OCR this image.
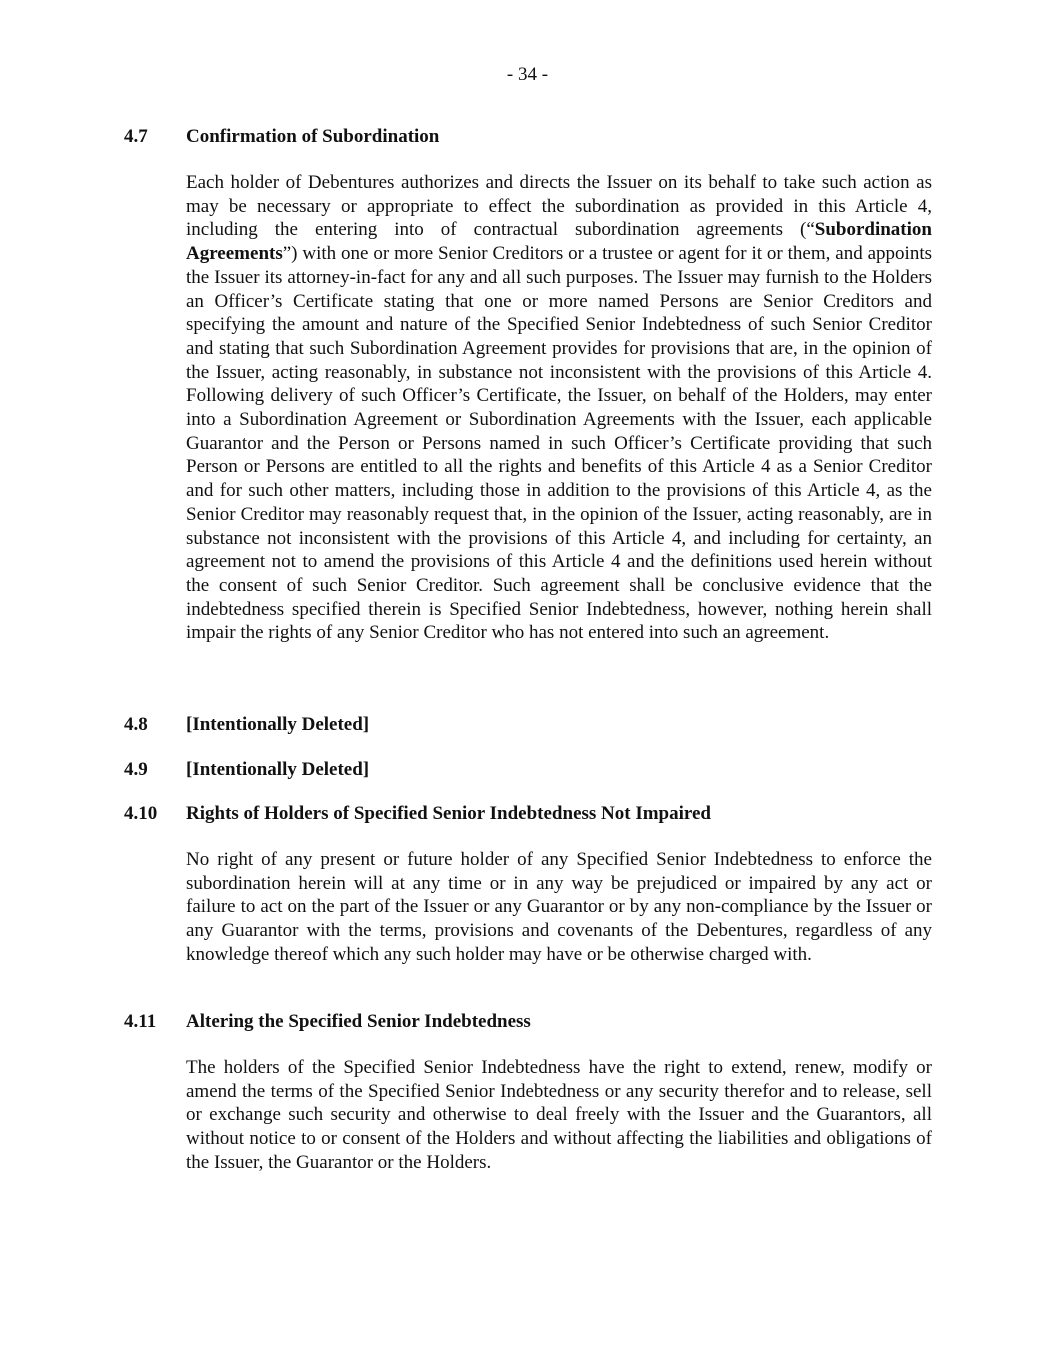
- 34 -
4.7	Confirmation of Subordination
Each holder of Debentures authorizes and directs the Issuer on its behalf to take such action as may be necessary or appropriate to effect the subordination as provided in this Article 4, including the entering into of contractual subordination agreements (“Subordination Agreements”) with one or more Senior Creditors or a trustee or agent for it or them, and appoints the Issuer its attorney-in-fact for any and all such purposes. The Issuer may furnish to the Holders an Officer’s Certificate stating that one or more named Persons are Senior Creditors and specifying the amount and nature of the Specified Senior Indebtedness of such Senior Creditor and stating that such Subordination Agreement provides for provisions that are, in the opinion of the Issuer, acting reasonably, in substance not inconsistent with the provisions of this Article 4. Following delivery of such Officer’s Certificate, the Issuer, on behalf of the Holders, may enter into a Subordination Agreement or Subordination Agreements with the Issuer, each applicable Guarantor and the Person or Persons named in such Officer’s Certificate providing that such Person or Persons are entitled to all the rights and benefits of this Article 4 as a Senior Creditor and for such other matters, including those in addition to the provisions of this Article 4, as the Senior Creditor may reasonably request that, in the opinion of the Issuer, acting reasonably, are in substance not inconsistent with the provisions of this Article 4, and including for certainty, an agreement not to amend the provisions of this Article 4 and the definitions used herein without the consent of such Senior Creditor. Such agreement shall be conclusive evidence that the indebtedness specified therein is Specified Senior Indebtedness, however, nothing herein shall impair the rights of any Senior Creditor who has not entered into such an agreement.
4.8	[Intentionally Deleted]
4.9	[Intentionally Deleted]
4.10	Rights of Holders of Specified Senior Indebtedness Not Impaired
No right of any present or future holder of any Specified Senior Indebtedness to enforce the subordination herein will at any time or in any way be prejudiced or impaired by any act or failure to act on the part of the Issuer or any Guarantor or by any non-compliance by the Issuer or any Guarantor with the terms, provisions and covenants of the Debentures, regardless of any knowledge thereof which any such holder may have or be otherwise charged with.
4.11	Altering the Specified Senior Indebtedness
The holders of the Specified Senior Indebtedness have the right to extend, renew, modify or amend the terms of the Specified Senior Indebtedness or any security therefor and to release, sell or exchange such security and otherwise to deal freely with the Issuer and the Guarantors, all without notice to or consent of the Holders and without affecting the liabilities and obligations of the Issuer, the Guarantor or the Holders.
